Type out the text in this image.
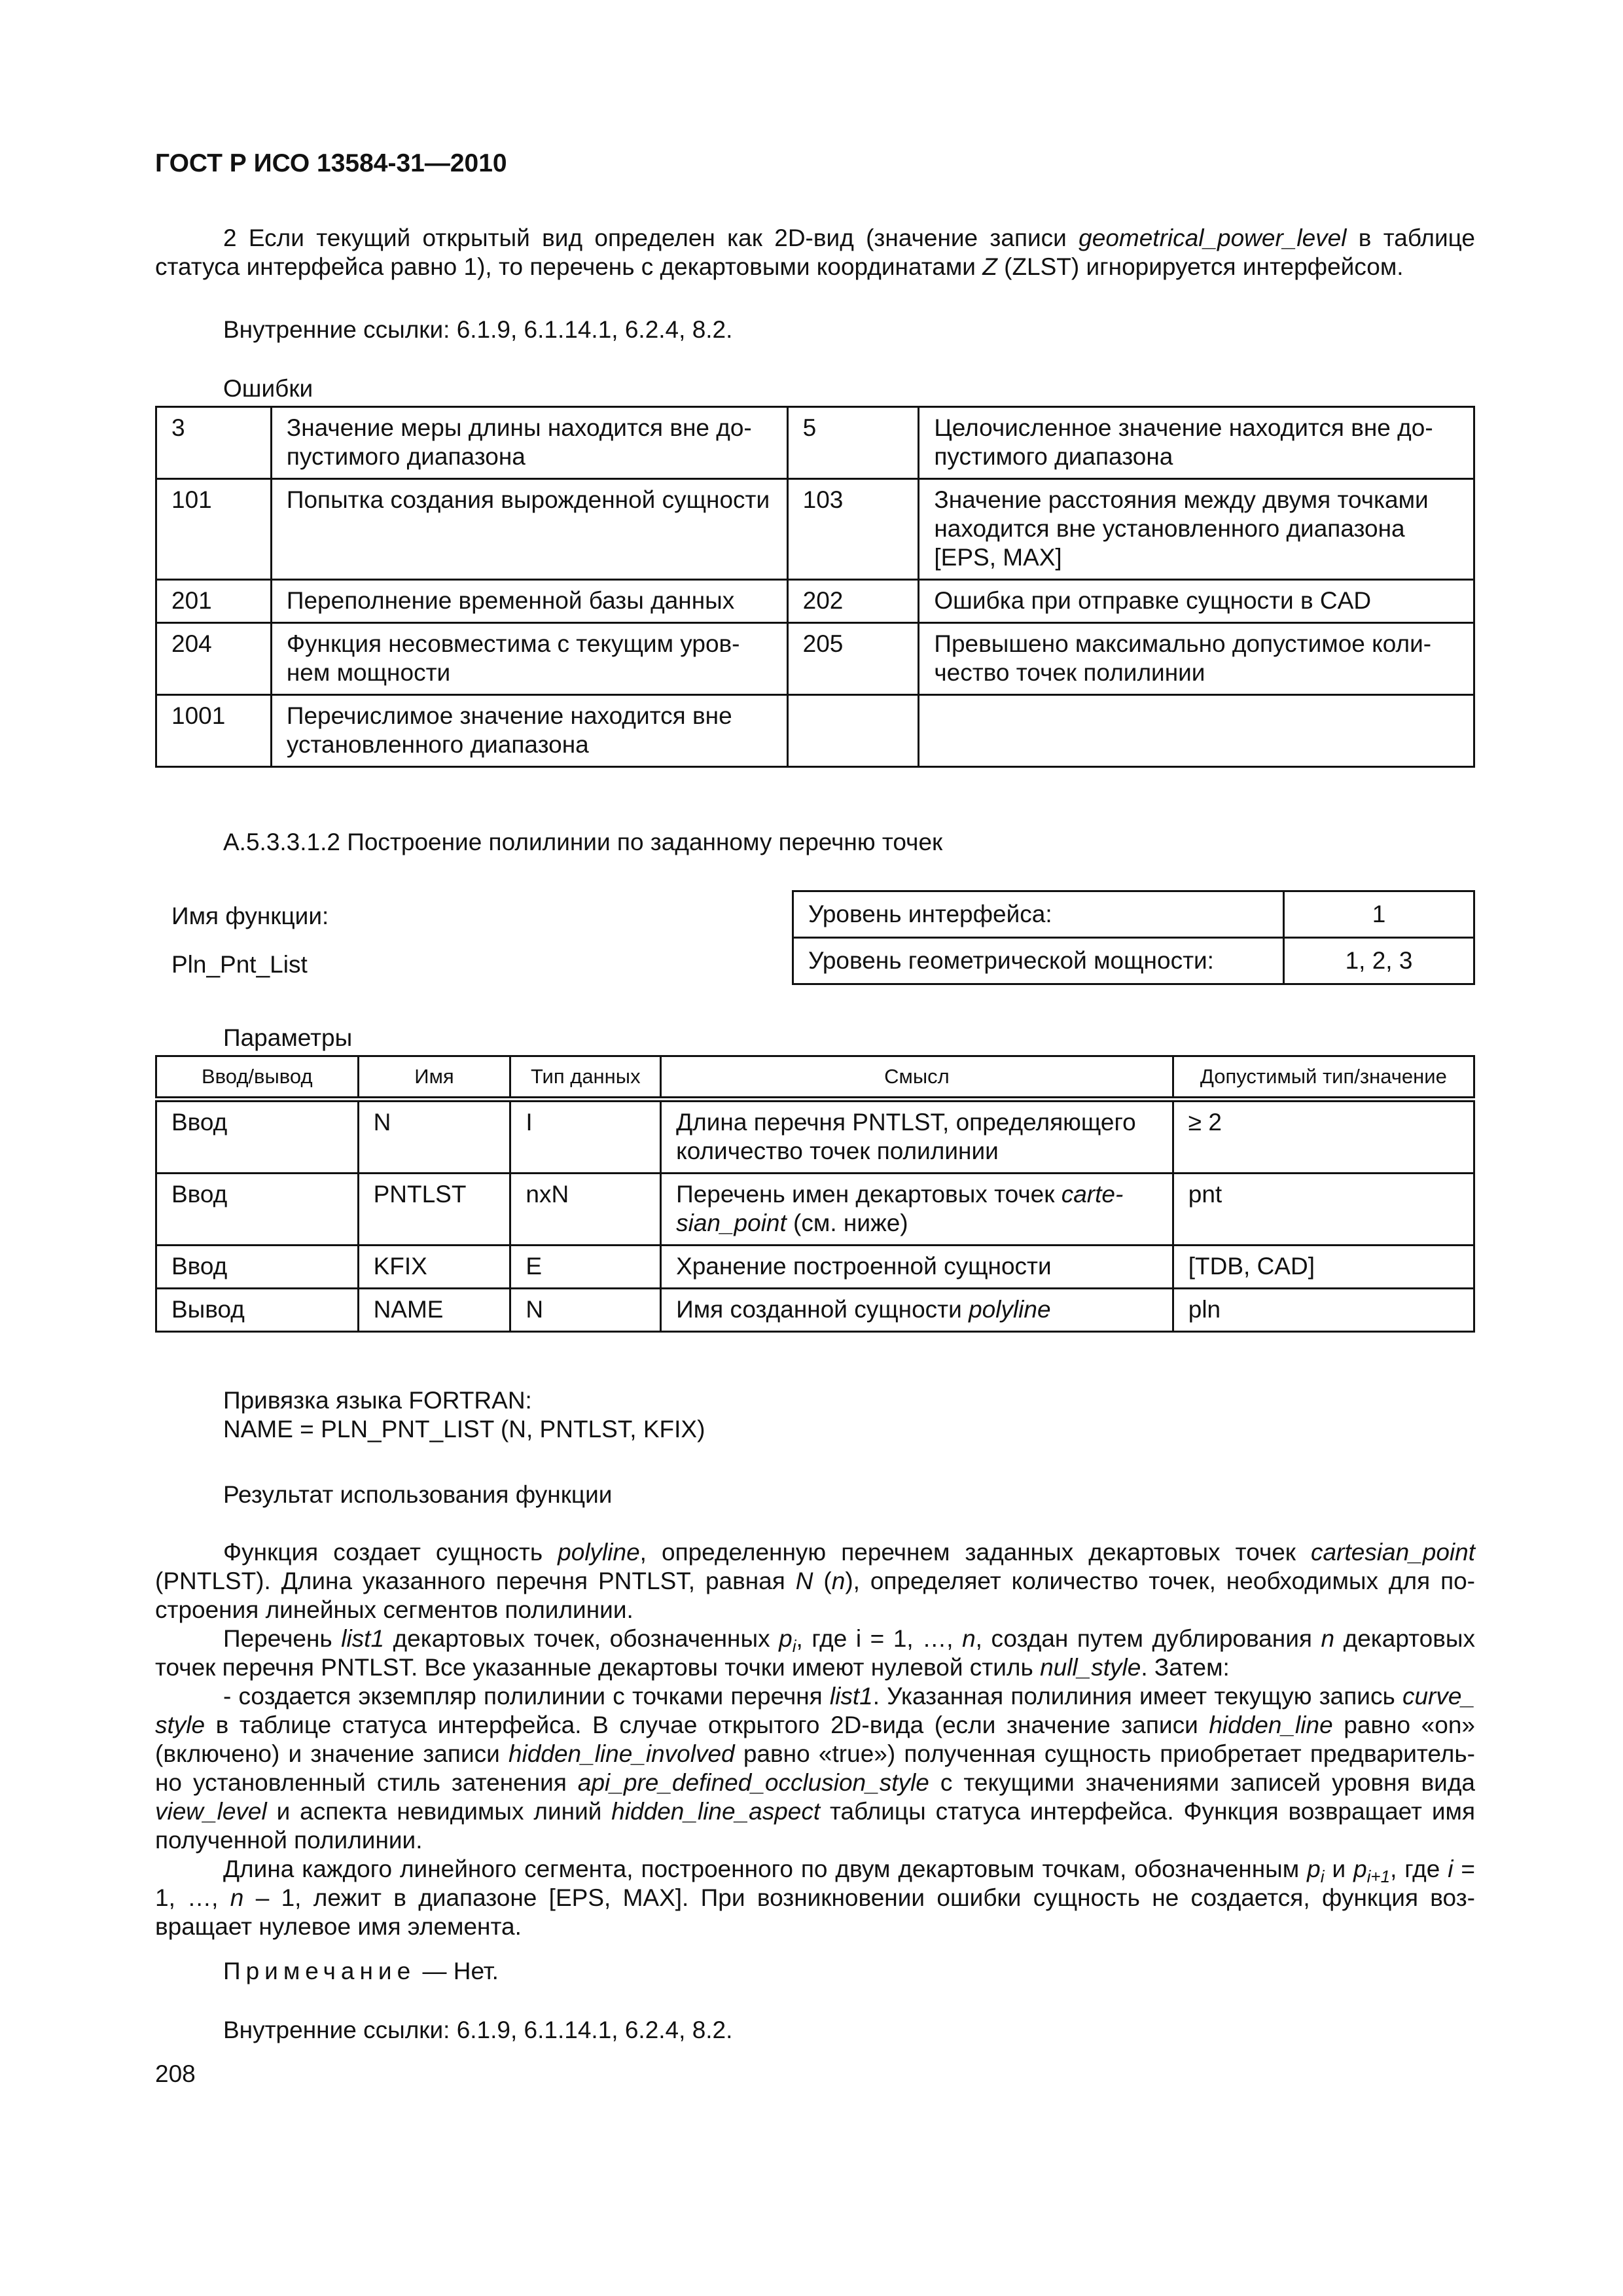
ГОСТ Р ИСО 13584-31—2010
2 Если текущий открытый вид определен как 2D-вид (значение записи geometrical_power_level в таблице статуса интерфейса равно 1), то перечень с декартовыми координатами Z (ZLST) игнорируется интерфейсом.
Внутренние ссылки: 6.1.9, 6.1.14.1, 6.2.4, 8.2.
Ошибки
3	Значение меры длины находится вне до-пустимого диапазона	5	Целочисленное значение находится вне до-пустимого диапазона
101	Попытка создания вырожденной сущности	103	Значение расстояния между двумя точками находится вне установленного диапазона [EPS, MAX]
201	Переполнение временной базы данных	202	Ошибка при отправке сущности в CAD
204	Функция несовместима с текущим уров-нем мощности	205	Превышено максимально допустимое коли-чество точек полилинии
1001	Перечислимое значение находится вне установленного диапазона		
А.5.3.3.1.2 Построение полилинии по заданному перечню точек
Имя функции:
Pln_Pnt_List
Уровень интерфейса:	1
Уровень геометрической мощности:	1, 2, 3
Параметры
Ввод/вывод	Имя	Тип данных	Смысл	Допустимый тип/значение
Ввод	N	I	Длина перечня PNTLST, определяющего количество точек полилинии	≥ 2
Ввод	PNTLST	nxN	Перечень имен декартовых точек carte-sian_point (см. ниже)	pnt
Ввод	KFIX	E	Хранение построенной сущности	[TDB, CAD]
Вывод	NAME	N	Имя созданной сущности polyline	pln
Привязка языка FORTRAN:
NAME = PLN_PNT_LIST (N, PNTLST, KFIX)
Результат использования функции
Функция создает сущность polyline, определенную перечнем заданных декартовых точек cartesian_point (PNTLST). Длина указанного перечня PNTLST, равная N (n), определяет количество точек, необходимых для по-строения линейных сегментов полилинии.
Перечень list1 декартовых точек, обозначенных $p_i$, где i = 1, …, n, создан путем дублирования n декартовых точек перечня PNTLST. Все указанные декартовы точки имеют нулевой стиль null_style. Затем:
- создается экземпляр полилинии с точками перечня list1. Указанная полилиния имеет текущую запись curve_ style в таблице статуса интерфейса. В случае открытого 2D-вида (если значение записи hidden_line равно «on» (включено) и значение записи hidden_line_involved равно «true») полученная сущность приобретает предваритель-но установленный стиль затенения api_pre_defined_occlusion_style с текущими значениями записей уровня вида view_level и аспекта невидимых линий hidden_line_aspect таблицы статуса интерфейса. Функция возвращает имя полученной полилинии.
Длина каждого линейного сегмента, построенного по двум декартовым точкам, обозначенным $p_i$ и $p_{i+1}$, где i = 1, …, n – 1, лежит в диапазоне [EPS, MAX]. При возникновении ошибки сущность не создается, функция воз-вращает нулевое имя элемента.
Примечание — Нет.
Внутренние ссылки: 6.1.9, 6.1.14.1, 6.2.4, 8.2.
208
